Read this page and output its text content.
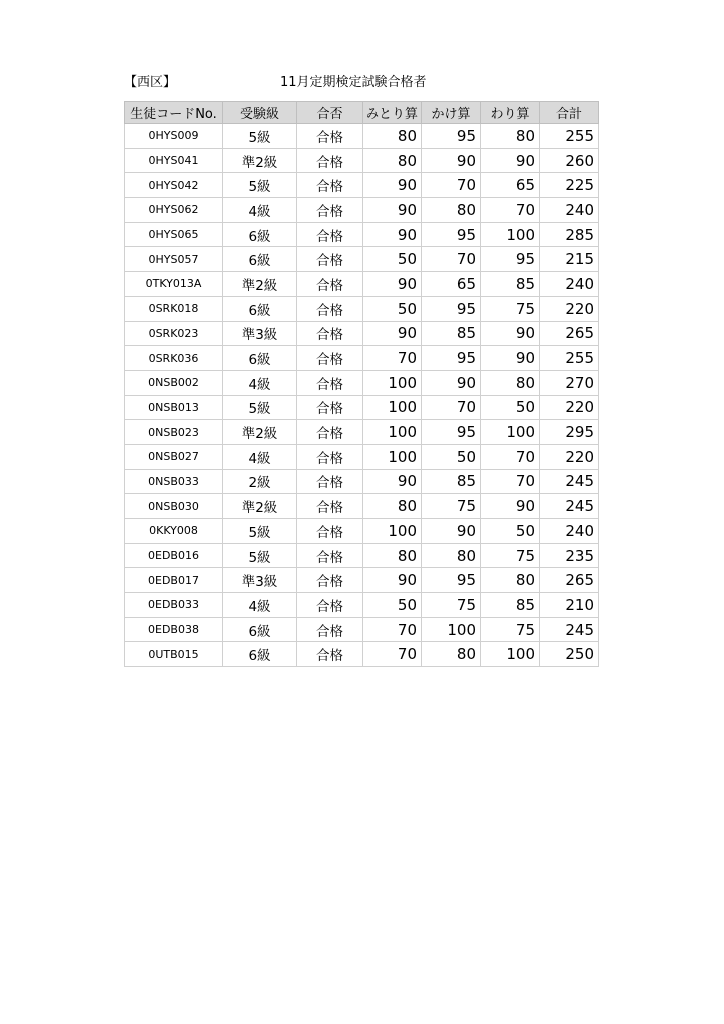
【西区】	11月定期検定試験合格者
生徒コードNo.	受験級	合否	みとり算	かけ算	わり算	合計
0HYS009	5級	合格	80	95	80	255
0HYS041	準2級	合格	80	90	90	260
0HYS042	5級	合格	90	70	65	225
0HYS062	4級	合格	90	80	70	240
0HYS065	6級	合格	90	95	100	285
0HYS057	6級	合格	50	70	95	215
0TKY013A	準2級	合格	90	65	85	240
0SRK018	6級	合格	50	95	75	220
0SRK023	準3級	合格	90	85	90	265
0SRK036	6級	合格	70	95	90	255
0NSB002	4級	合格	100	90	80	270
0NSB013	5級	合格	100	70	50	220
0NSB023	準2級	合格	100	95	100	295
0NSB027	4級	合格	100	50	70	220
0NSB033	2級	合格	90	85	70	245
0NSB030	準2級	合格	80	75	90	245
0KKY008	5級	合格	100	90	50	240
0EDB016	5級	合格	80	80	75	235
0EDB017	準3級	合格	90	95	80	265
0EDB033	4級	合格	50	75	85	210
0EDB038	6級	合格	70	100	75	245
0UTB015	6級	合格	70	80	100	250
